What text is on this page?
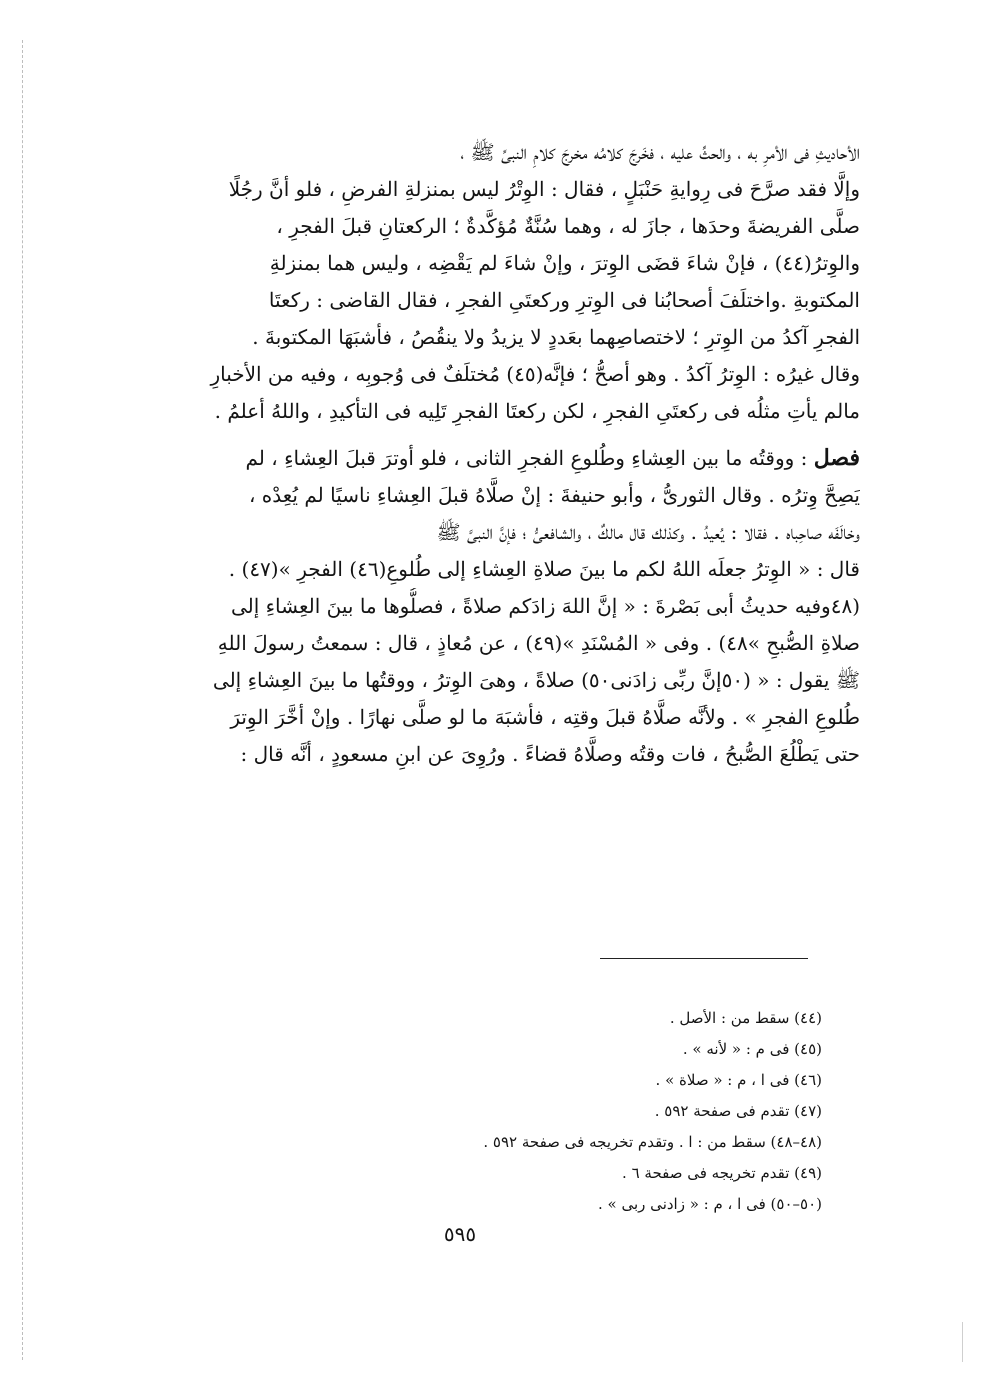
الأحاديثِ فى الأمرِ به ، والحثِّ عليه ، فخَرجَ كلامُه مخرجَ كلامِ النبىِّ ﷺ ،
وإلَّا فقد صرَّحَ فى رِوايةِ حَنْبَلٍ ، فقال : الوِتْرُ ليس بمنزلةِ الفرضِ ، فلو أنَّ رجُلًا
صلَّى الفريضةَ وحدَها ، جازَ له ، وهما سُنَّةٌ مُؤكَّدةٌ ؛ الركعتانِ قبلَ الفجرِ ،
والوِترُ(٤٤) ، فإنْ شاءَ قضَى الوِترَ ، وإنْ شاءَ لم يَقْضِه ، وليس هما بمنزلةِ
المكتوبةِ .واختلَفَ أصحابُنا فى الوِترِ وركعتَىِ الفجرِ ، فقال القاضى : ركعتَا
الفجرِ آكدُ من الوِترِ ؛ لاختصاصِهما بعَددٍ لا يزيدُ ولا ينقُصُ ، فأشبَهَا المكتوبةَ .
وقال غيرُه : الوِترُ آكدُ . وهو أصحُّ ؛ فإنَّه(٤٥) مُختلَفٌ فى وُجوبِه ، وفيه من الأخبارِ
مالم يأتِ مثلُه فى ركعتَىِ الفجرِ ، لكن ركعتَا الفجرِ تَلِيه فى التأكيدِ ، واللهُ أعلمُ .
فصل : ووقتُه ما بين العِشاءِ وطُلوعِ الفجرِ الثانى ، فلو أوترَ قبلَ العِشاءِ ، لم
يَصِحَّ وِترُه . وقال الثورىُّ ، وأبو حنيفةَ : إنْ صلَّاهُ قبلَ العِشاءِ ناسيًا لم يُعِدْه ،
وخالَفَه صاحِباه . فقالا : يُعيدُ . وكذلك قال مالكٌ ، والشافعىُّ ؛ فإنَّ النبىَّ ﷺ
قال : « الوِترُ جعلَه اللهُ لكم ما بينَ صلاةِ العِشاءِ إلى طُلوعِ(٤٦) الفجرِ »(٤٧) .
(٤٨وفيه حديثُ أبى بَصْرةَ : « إنَّ اللهَ زادَكم صلاةً ، فصلُّوها ما بينَ العِشاءِ إلى
صلاةِ الصُّبحِ »٤٨) . وفى « المُسْنَدِ »(٤٩) ، عن مُعاذٍ ، قال : سمعتُ رسولَ اللهِ
ﷺ يقول : « (٥٠إنَّ ربِّى زادَنى٥٠) صلاةً ، وهىَ الوِترُ ، ووقتُها ما بينَ العِشاءِ إلى
طُلوعِ الفجرِ » . ولأنَّه صلَّاهُ قبلَ وقتِه ، فأشبَهَ ما لو صلَّى نهارًا . وإنْ أخَّرَ الوِترَ
حتى يَطْلُعَ الصُّبحُ ، فات وقتُه وصلَّاهُ قضاءً . ورُوِىَ عن ابنِ مسعودٍ ، أنَّه قال :
(٤٤) سقط من : الأصل .
(٤٥) فى م : « لأنه » .
(٤٦) فى ا ، م : « صلاة » .
(٤٧) تقدم فى صفحة ٥٩٢ .
(٤٨–٤٨) سقط من : ا . وتقدم تخريجه فى صفحة ٥٩٢ .
(٤٩) تقدم تخريجه فى صفحة ٦ .
(٥٠–٥٠) فى ا ، م : « زادنى ربى » .
٥٩٥
